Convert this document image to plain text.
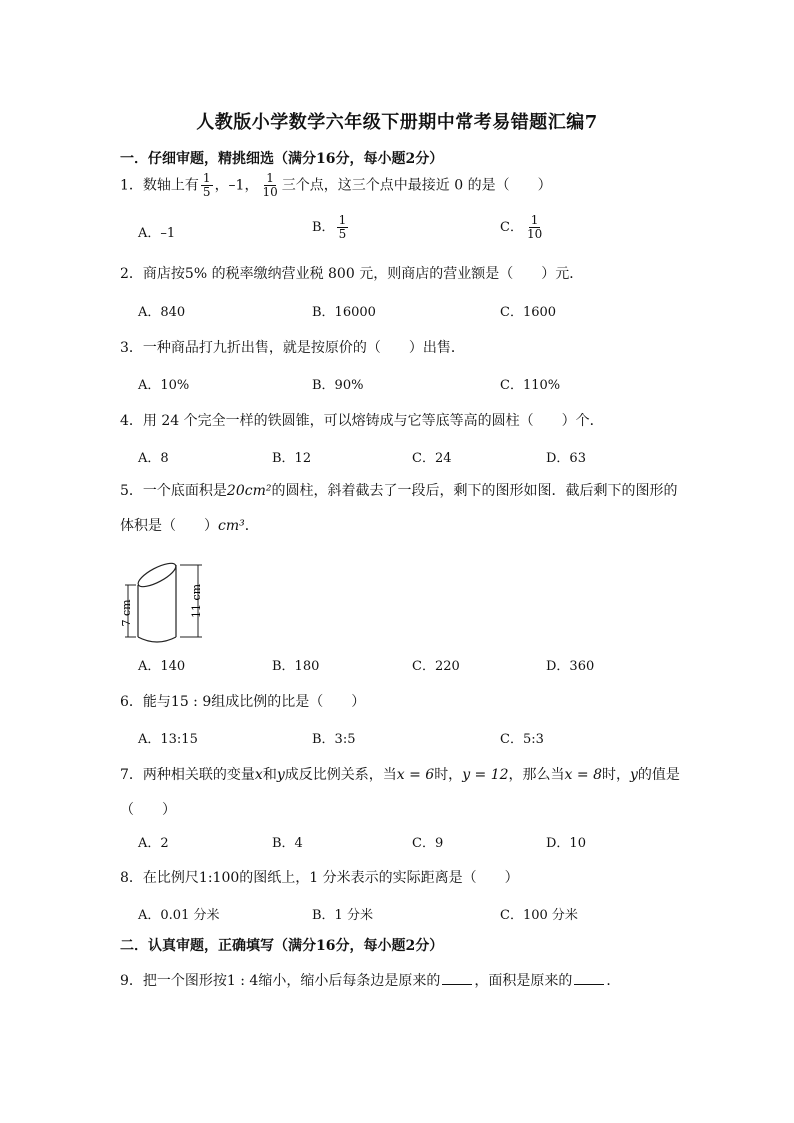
人教版小学数学六年级下册期中常考易错题汇编7
一．仔细审题，精挑细选（满分16分，每小题2分）
1．数轴上有 $\frac{1}{5}$ ，–1， $\frac{1}{10}$ 三个点，这三个点中最接近 0 的是（　　）
A．–1	B． $\frac{1}{5}$	C． $\frac{1}{10}$
2．商店按5% 的税率缴纳营业税 800 元，则商店的营业额是（　　）元．
A．840	B．16000	C．1600
3．一种商品打九折出售，就是按原价的（　　）出售．
A．10%	B．90%	C．110%
4．用 24 个完全一样的铁圆锥，可以熔铸成与它等底等高的圆柱（　　）个．
A．8	B．12	C．24	D．63
5．一个底面积是20cm²的圆柱，斜着截去了一段后，剩下的图形如图．截后剩下的图形的
体积是（　　）cm³．
7 cm	11 cm
A．140	B．180	C．220	D．360
6．能与15 : 9组成比例的比是（　　）
A．13:15	B．3:5	C．5:3
7．两种相关联的变量x和y成反比例关系，当x = 6时，y = 12，那么当x = 8时，y的值是
（　　）
A．2	B．4	C．9	D．10
8．在比例尺1:100的图纸上，1 分米表示的实际距离是（　　）
A．0.01 分米	B．1 分米	C．100 分米
二．认真审题，正确填写（满分16分，每小题2分）
9．把一个图形按1 : 4缩小，缩小后每条边是原来的 ，面积是原来的 ．
